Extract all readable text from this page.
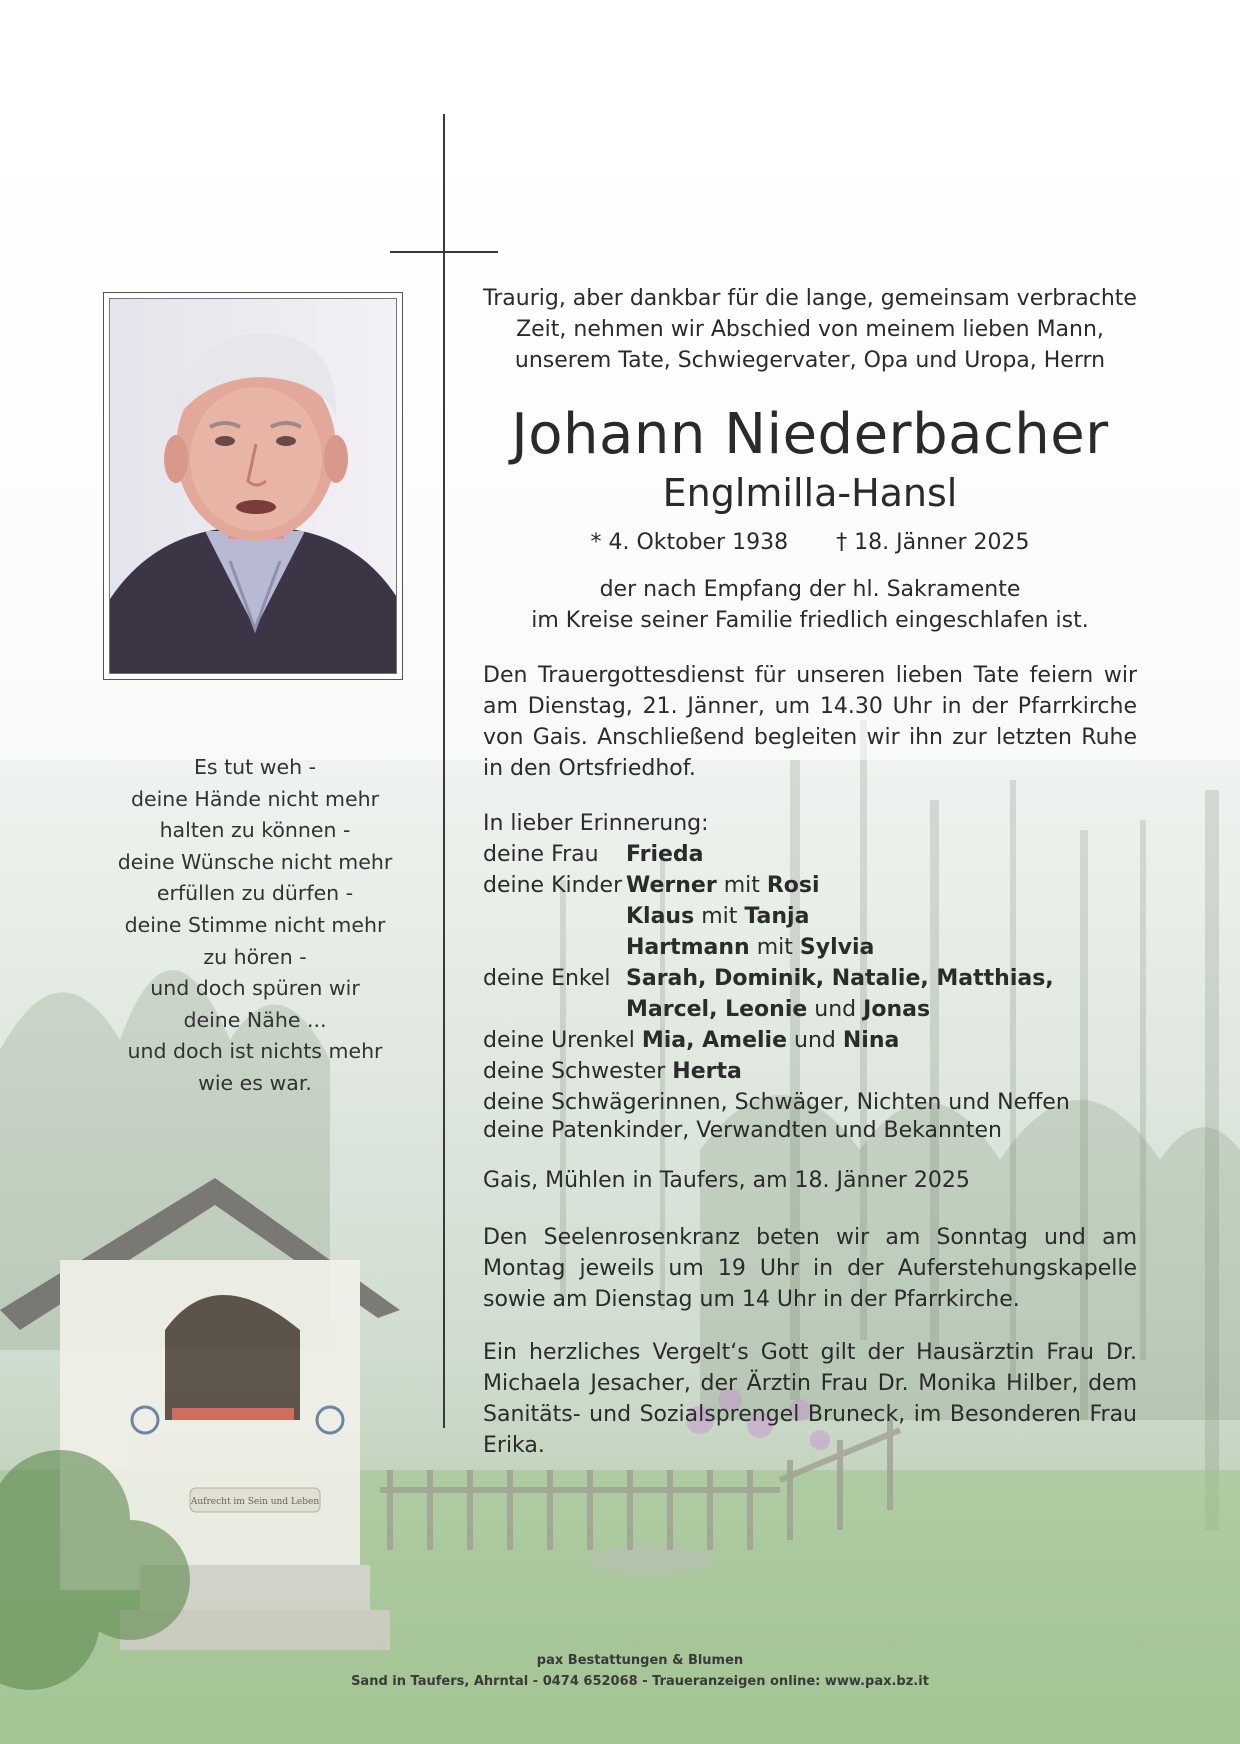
Es tut weh -
deine Hände nicht mehr
halten zu können -
deine Wünsche nicht mehr
erfüllen zu dürfen -
deine Stimme nicht mehr
zu hören -
und doch spüren wir
deine Nähe ...
und doch ist nichts mehr
wie es war.
Traurig, aber dankbar für die lange, gemeinsam verbrachte
Zeit, nehmen wir Abschied von meinem lieben Mann,
unserem Tate, Schwiegervater, Opa und Uropa, Herrn
Johann Niederbacher
Englmilla-Hansl
* 4. Oktober 1938 † 18. Jänner 2025
der nach Empfang der hl. Sakramente
im Kreise seiner Familie friedlich eingeschlafen ist.
Den Trauergottesdienst für unseren lieben Tate feiern wir am Dienstag, 21. Jänner, um 14.30 Uhr in der Pfarrkirche von Gais. Anschließend begleiten wir ihn zur letzten Ruhe in den Ortsfriedhof.
In lieber Erinnerung:
deine Frau Frieda
deine Kinder Werner mit Rosi
Klaus mit Tanja
Hartmann mit Sylvia
deine Enkel Sarah, Dominik, Natalie, Matthias,
Marcel, Leonie und Jonas
deine Urenkel Mia, Amelie und Nina
deine Schwester Herta
deine Schwägerinnen, Schwäger, Nichten und Neffen
deine Patenkinder, Verwandten und Bekannten
Gais, Mühlen in Taufers, am 18. Jänner 2025
Den Seelenrosenkranz beten wir am Sonntag und am Montag jeweils um 19 Uhr in der Auferstehungskapelle sowie am Dienstag um 14 Uhr in der Pfarrkirche.
Ein herzliches Vergelt‘s Gott gilt der Hausärztin Frau Dr. Michaela Jesacher, der Ärztin Frau Dr. Monika Hilber, dem Sanitäts- und Sozialsprengel Bruneck, im Besonderen Frau Erika.
pax Bestattungen & Blumen
Sand in Taufers, Ahrntal - 0474 652068 - Traueranzeigen online: www.pax.bz.it
Aufrecht im Sein und Leben
